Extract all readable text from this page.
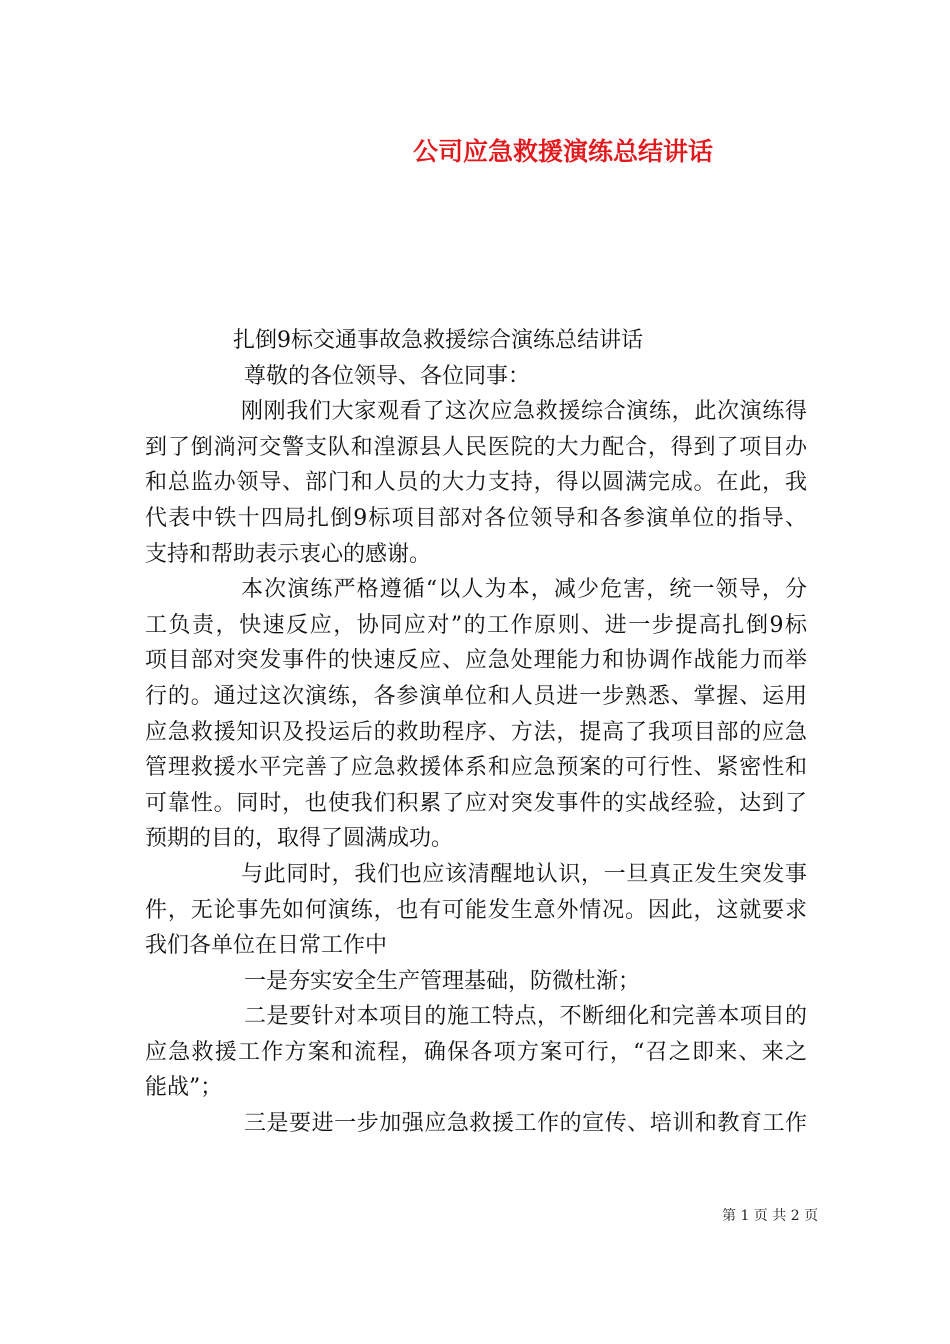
公司应急救援演练总结讲话
扎倒9标交通事故急救援综合演练总结讲话
尊敬的各位领导、各位同事：
刚刚我们大家观看了这次应急救援综合演练，此次演练得
到了倒淌河交警支队和湟源县人民医院的大力配合，得到了项目办
和总监办领导、部门和人员的大力支持，得以圆满完成。在此，我
代表中铁十四局扎倒9标项目部对各位领导和各参演单位的指导、
支持和帮助表示衷心的感谢。
本次演练严格遵循“以人为本，减少危害，统一领导，分
工负责，快速反应，协同应对”的工作原则、进一步提高扎倒9标
项目部对突发事件的快速反应、应急处理能力和协调作战能力而举
行的。通过这次演练，各参演单位和人员进一步熟悉、掌握、运用
应急救援知识及投运后的救助程序、方法，提高了我项目部的应急
管理救援水平完善了应急救援体系和应急预案的可行性、紧密性和
可靠性。同时，也使我们积累了应对突发事件的实战经验，达到了
预期的目的，取得了圆满成功。
与此同时，我们也应该清醒地认识，一旦真正发生突发事
件，无论事先如何演练，也有可能发生意外情况。因此，这就要求
我们各单位在日常工作中
一是夯实安全生产管理基础，防微杜渐；
二是要针对本项目的施工特点，不断细化和完善本项目的
应急救援工作方案和流程，确保各项方案可行，“召之即来、来之
能战”；
三是要进一步加强应急救援工作的宣传、培训和教育工作
第 1 页 共 2 页
